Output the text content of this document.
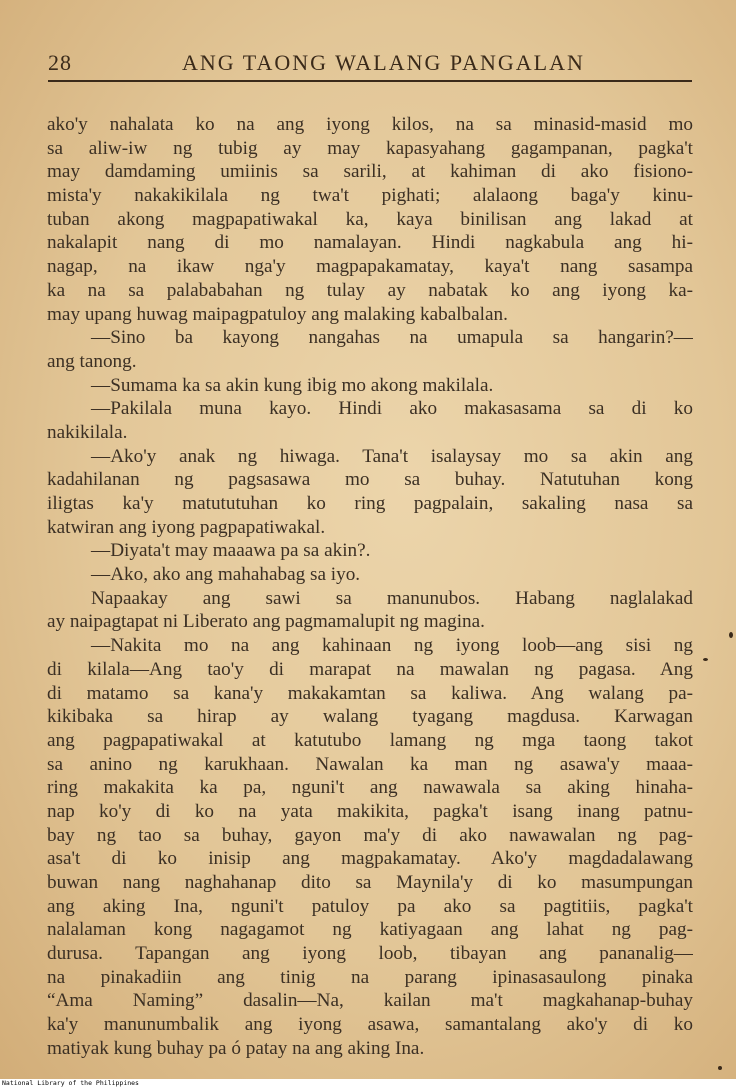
28	ANG TAONG WALANG PANGALAN
ako'y nahalata ko na ang iyong kilos, na sa minasid-masid mo
sa aliw-iw ng tubig ay may kapasyahang gagampanan, pagka't
may damdaming umiinis sa sarili, at kahiman di ako fisiono-
mista'y nakakikilala ng twa't pighati; alalaong baga'y kinu-
tuban akong magpapatiwakal ka, kaya binilisan ang lakad at
nakalapit nang di mo namalayan. Hindi nagkabula ang hi-
nagap, na ikaw nga'y magpapakamatay, kaya't nang sasampa
ka na sa palababahan ng tulay ay nabatak ko ang iyong ka-
may upang huwag maipagpatuloy ang malaking kabalbalan.
—Sino ba kayong nangahas na umapula sa hangarin?—
ang tanong.
—Sumama ka sa akin kung ibig mo akong makilala.
—Pakilala muna kayo. Hindi ako makasasama sa di ko
nakikilala.
—Ako'y anak ng hiwaga. Tana't isalaysay mo sa akin ang
kadahilanan ng pagsasawa mo sa buhay. Natutuhan kong
iligtas ka'y matututuhan ko ring pagpalain, sakaling nasa sa
katwiran ang iyong pagpapatiwakal.
—Diyata't may maaawa pa sa akin?.
—Ako, ako ang mahahabag sa iyo.
Napaakay ang sawi sa manunubos. Habang naglalakad
ay naipagtapat ni Liberato ang pagmamalupit ng magina.
—Nakita mo na ang kahinaan ng iyong loob—ang sisi ng
di kilala—Ang tao'y di marapat na mawalan ng pagasa. Ang
di matamo sa kana'y makakamtan sa kaliwa. Ang walang pa-
kikibaka sa hirap ay walang tyagang magdusa. Karwagan
ang pagpapatiwakal at katutubo lamang ng mga taong takot
sa anino ng karukhaan. Nawalan ka man ng asawa'y maaa-
ring makakita ka pa, nguni't ang nawawala sa aking hinaha-
nap ko'y di ko na yata makikita, pagka't isang inang patnu-
bay ng tao sa buhay, gayon ma'y di ako nawawalan ng pag-
asa't di ko inisip ang magpakamatay. Ako'y magdadalawang
buwan nang naghahanap dito sa Maynila'y di ko masumpungan
ang aking Ina, nguni't patuloy pa ako sa pagtitiis, pagka't
nalalaman kong nagagamot ng katiyagaan ang lahat ng pag-
durusa. Tapangan ang iyong loob, tibayan ang pananalig—
na pinakadiin ang tinig na parang ipinasasaulong pinaka
“Ama Naming” dasalin—Na, kailan ma't magkahanap-buhay
ka'y manunumbalik ang iyong asawa, samantalang ako'y di ko
matiyak kung buhay pa ó patay na ang aking Ina.
National Library of the Philippines
